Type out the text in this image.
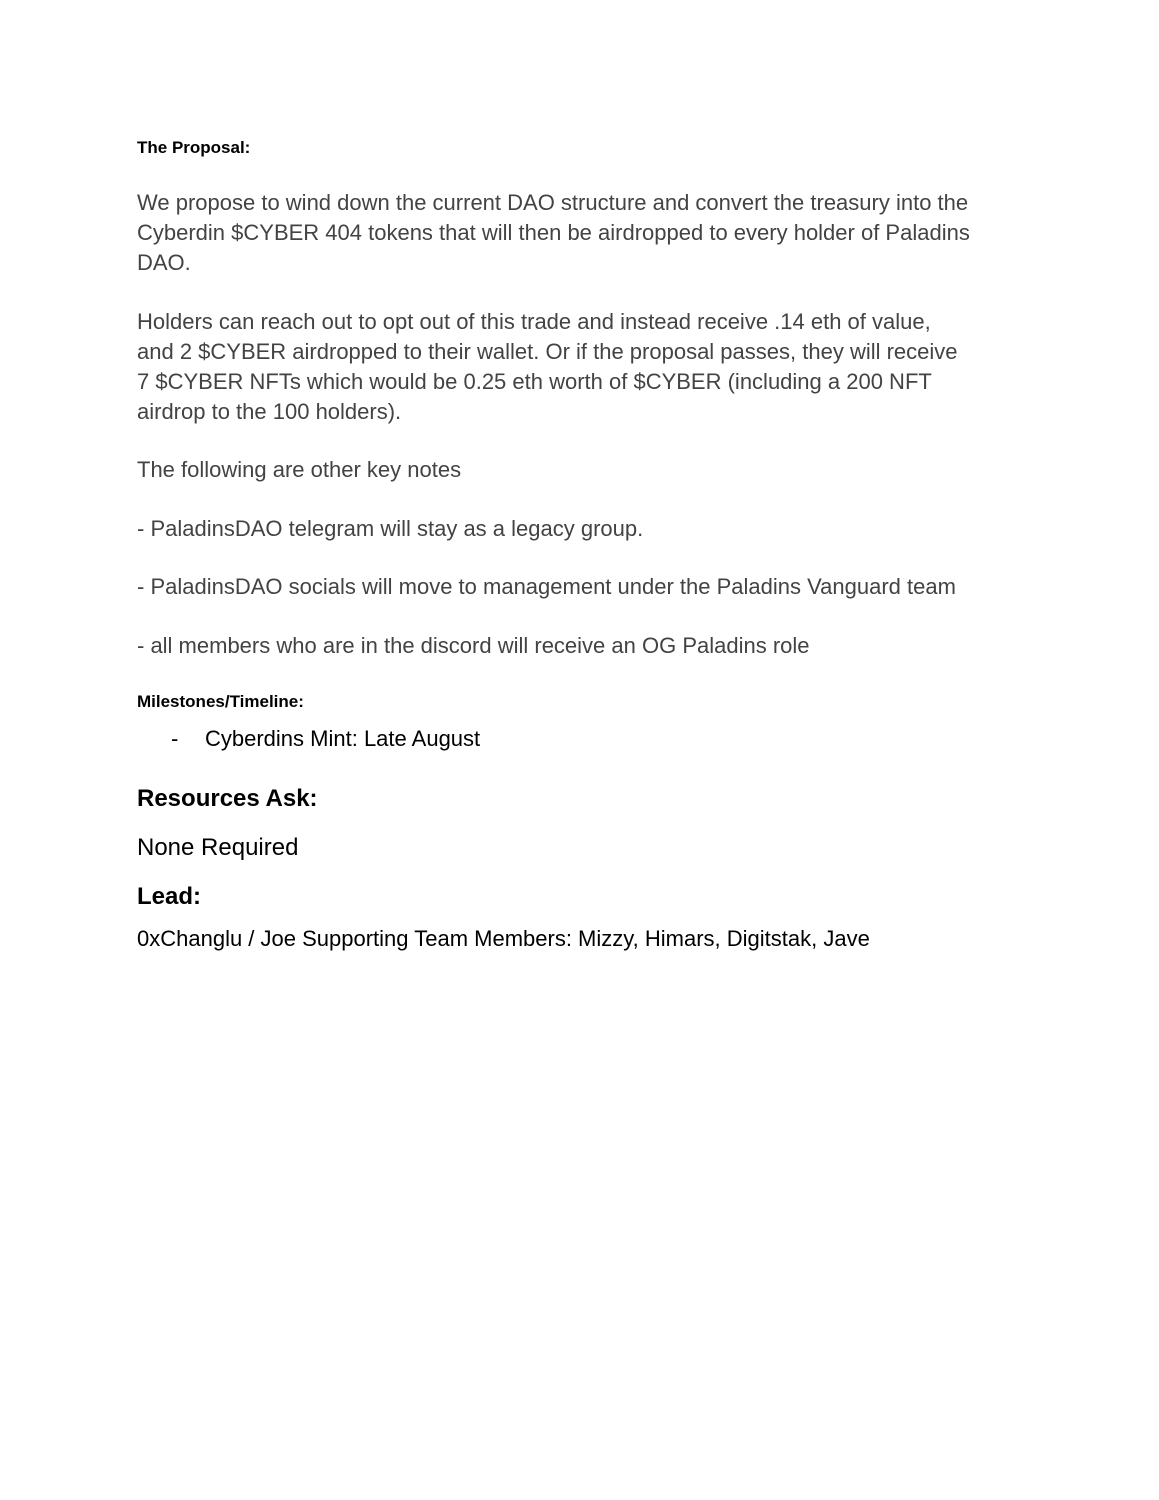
The Proposal:

We propose to wind down the current DAO structure and convert the treasury into the

Cyberdin $CYBER 404 tokens that will then be airdropped to every holder of Paladins

DAO.

Holders can reach out to opt out of this trade and instead receive .14 eth of value,

and 2 $CYBER airdropped to their wallet. Or if the proposal passes, they will receive

7 $CYBER NFTs which would be 0.25 eth worth of $CYBER (including a 200 NFT

airdrop to the 100 holders).

The following are other key notes
- PaladinsDAO telegram will stay as a legacy group.
- PaladinsDAO socials will move to management under the Paladins Vanguard team
- all members who are in the discord will receive an OG Paladins role
Milestones/Timeline:
- Cyberdins Mint: Late August
Resources Ask:
None Required
Lead:
0xChanglu / Joe Supporting Team Members: Mizzy, Himars, Digitstak, Jave
